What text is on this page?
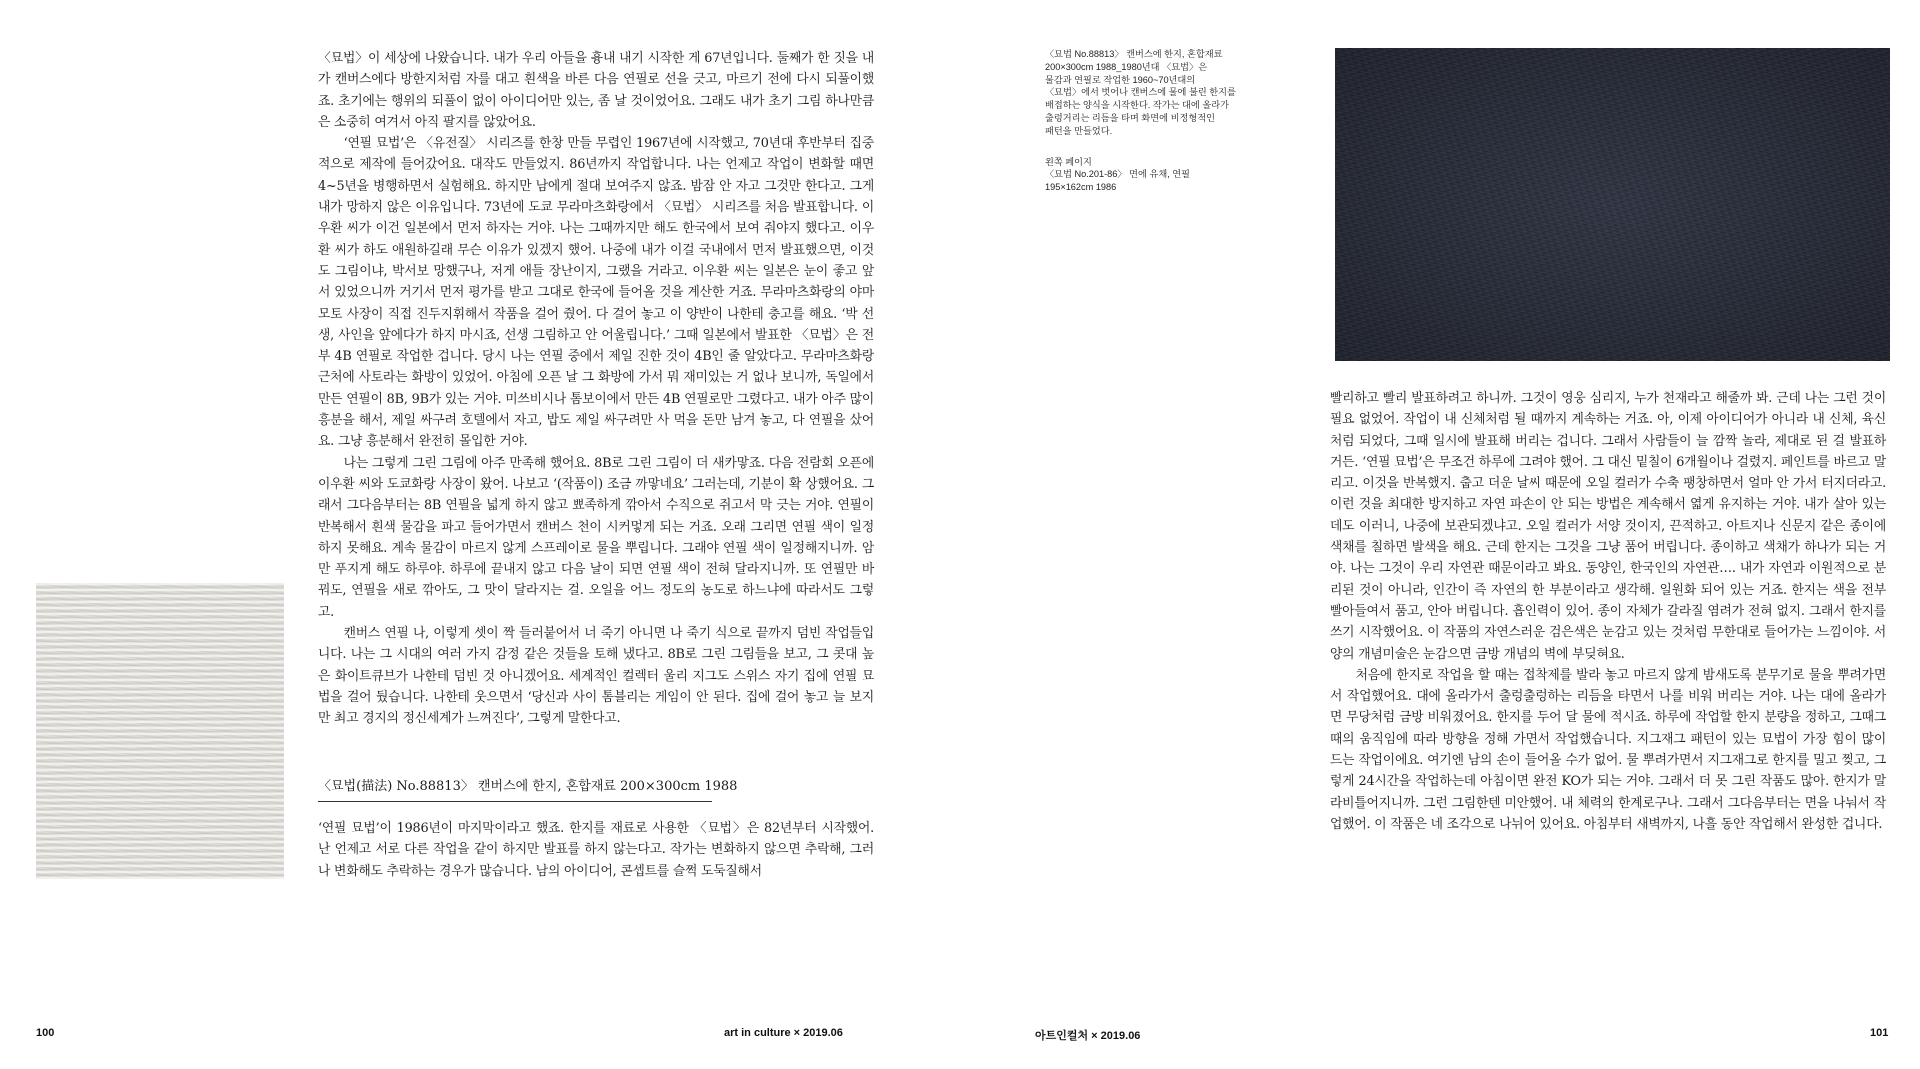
〈묘법〉이 세상에 나왔습니다. 내가 우리 아들을 흉내 내기 시작한 게 67년입니다. 둘째가 한 짓을 내가 캔버스에다 방한지처럼 자를 대고 흰색을 바른 다음 연필로 선을 긋고, 마르기 전에 다시 되풀이했죠. 초기에는 행위의 되풀이 없이 아이디어만 있는, 좀 날 것이었어요. 그래도 내가 초기 그림 하나만큼은 소중히 여겨서 아직 팔지를 않았어요.

‘연필 묘법’은 〈유전질〉 시리즈를 한창 만들 무렵인 1967년에 시작했고, 70년대 후반부터 집중적으로 제작에 들어갔어요. 대작도 만들었지. 86년까지 작업합니다. 나는 언제고 작업이 변화할 때면 4~5년을 병행하면서 실험해요. 하지만 남에게 절대 보여주지 않죠. 밤잠 안 자고 그것만 한다고. 그게 내가 망하지 않은 이유입니다. 73년에 도쿄 무라마츠화랑에서 〈묘법〉 시리즈를 처음 발표합니다. 이우환 씨가 이건 일본에서 먼저 하자는 거야. 나는 그때까지만 해도 한국에서 보여 줘야지 했다고. 이우환 씨가 하도 애원하길래 무슨 이유가 있겠지 했어. 나중에 내가 이걸 국내에서 먼저 발표했으면, 이것도 그림이냐, 박서보 망했구나, 저게 애들 장난이지, 그랬을 거라고. 이우환 씨는 일본은 눈이 좋고 앞서 있었으니까 거기서 먼저 평가를 받고 그대로 한국에 들어올 것을 계산한 거죠. 무라마츠화랑의 야마모토 사장이 직접 진두지휘해서 작품을 걸어 줬어. 다 걸어 놓고 이 양반이 나한테 충고를 해요. ‘박 선생, 사인을 앞에다가 하지 마시죠, 선생 그림하고 안 어울립니다.’ 그때 일본에서 발표한 〈묘법〉은 전부 4B 연필로 작업한 겁니다. 당시 나는 연필 중에서 제일 진한 것이 4B인 줄 알았다고. 무라마츠화랑 근처에 사토라는 화방이 있었어. 아침에 오픈 날 그 화방에 가서 뭐 재미있는 거 없나 보니까, 독일에서 만든 연필이 8B, 9B가 있는 거야. 미쓰비시나 톰보이에서 만든 4B 연필로만 그렸다고. 내가 아주 많이 흥분을 해서, 제일 싸구려 호텔에서 자고, 밥도 제일 싸구려만 사 먹을 돈만 남겨 놓고, 다 연필을 샀어요. 그냥 흥분해서 완전히 몰입한 거야.

나는 그렇게 그린 그림에 아주 만족해 했어요. 8B로 그린 그림이 더 새카맣죠. 다음 전람회 오픈에 이우환 씨와 도쿄화랑 사장이 왔어. 나보고 ‘(작품이) 조금 까맣네요’ 그러는데, 기분이 확 상했어요. 그래서 그다음부터는 8B 연필을 넓게 하지 않고 뾰족하게 깎아서 수직으로 쥐고서 막 긋는 거야. 연필이 반복해서 흰색 물감을 파고 들어가면서 캔버스 천이 시커멓게 되는 거죠. 오래 그리면 연필 색이 일정하지 못해요. 계속 물감이 마르지 않게 스프레이로 물을 뿌립니다. 그래야 연필 색이 일정해지니까. 암만 푸지게 해도 하루야. 하루에 끝내지 않고 다음 날이 되면 연필 색이 전혀 달라지니까. 또 연필만 바꿔도, 연필을 새로 깎아도, 그 맛이 달라지는 걸. 오일을 어느 정도의 농도로 하느냐에 따라서도 그렇고.

캔버스 연필 나, 이렇게 셋이 짝 들러붙어서 너 죽기 아니면 나 죽기 식으로 끝까지 덤빈 작업들입니다. 나는 그 시대의 여러 가지 감정 같은 것들을 토해 냈다고. 8B로 그린 그림들을 보고, 그 콧대 높은 화이트큐브가 나한테 덤빈 것 아니겠어요. 세계적인 컬렉터 울리 지그도 스위스 자기 집에 연필 묘법을 걸어 뒀습니다. 나한테 웃으면서 ‘당신과 사이 톰블리는 게임이 안 된다. 집에 걸어 놓고 늘 보지만 최고 경지의 정신세계가 느껴진다’, 그렇게 말한다고.

〈묘법(描法) No.88813〉 캔버스에 한지, 혼합재료 200×300cm 1988

‘연필 묘법’이 1986년이 마지막이라고 했죠. 한지를 재료로 사용한 〈묘법〉은 82년부터 시작했어. 난 언제고 서로 다른 작업을 같이 하지만 발표를 하지 않는다고. 작가는 변화하지 않으면 추락해, 그러나 변화해도 추락하는 경우가 많습니다. 남의 아이디어, 콘셉트를 슬쩍 도둑질해서

100	art in culture × 2019.06

〈묘법 No.88813〉 캔버스에 한지, 혼합재료

200×300cm 1988_1980년대 〈묘법〉은

물감과 연필로 작업한 1960~70년대의

〈묘법〉에서 벗어나 캔버스에 물에 불린 한지를

배접하는 양식을 시작한다. 작가는 대에 올라가

출렁거리는 리듬을 타며 화면에 비정형적인

패턴을 만들었다.

왼쪽 페이지

〈묘법 No.201-86〉 면에 유채, 연필

195×162cm 1986

빨리하고 빨리 발표하려고 하니까. 그것이 영웅 심리지, 누가 천재라고 해줄까 봐. 근데 나는 그런 것이 필요 없었어. 작업이 내 신체처럼 될 때까지 계속하는 거죠. 아, 이제 아이디어가 아니라 내 신체, 육신처럼 되었다, 그때 일시에 발표해 버리는 겁니다. 그래서 사람들이 늘 깜짝 놀라, 제대로 된 걸 발표하거든. ‘연필 묘법’은 무조건 하루에 그려야 했어. 그 대신 밑칠이 6개월이나 걸렸지. 페인트를 바르고 말리고. 이것을 반복했지. 춥고 더운 날씨 때문에 오일 컬러가 수축 팽창하면서 얼마 안 가서 터지더라고. 이런 것을 최대한 방지하고 자연 파손이 안 되는 방법은 계속해서 엷게 유지하는 거야. 내가 살아 있는데도 이러니, 나중에 보관되겠냐고. 오일 컬러가 서양 것이지, 끈적하고. 아트지나 신문지 같은 종이에 색채를 칠하면 발색을 해요. 근데 한지는 그것을 그냥 품어 버립니다. 종이하고 색채가 하나가 되는 거야. 나는 그것이 우리 자연관 때문이라고 봐요. 동양인, 한국인의 자연관…. 내가 자연과 이원적으로 분리된 것이 아니라, 인간이 즉 자연의 한 부분이라고 생각해. 일원화 되어 있는 거죠. 한지는 색을 전부 빨아들여서 품고, 안아 버립니다. 흡인력이 있어. 종이 자체가 갈라질 염려가 전혀 없지. 그래서 한지를 쓰기 시작했어요. 이 작품의 자연스러운 검은색은 눈감고 있는 것처럼 무한대로 들어가는 느낌이야. 서양의 개념미술은 눈감으면 금방 개념의 벽에 부딪혀요.

처음에 한지로 작업을 할 때는 접착제를 발라 놓고 마르지 않게 밤새도록 분무기로 물을 뿌려가면서 작업했어요. 대에 올라가서 출렁출렁하는 리듬을 타면서 나를 비워 버리는 거야. 나는 대에 올라가면 무당처럼 금방 비워졌어요. 한지를 두어 달 물에 적시죠. 하루에 작업할 한지 분량을 정하고, 그때그때의 움직임에 따라 방향을 정해 가면서 작업했습니다. 지그재그 패턴이 있는 묘법이 가장 힘이 많이 드는 작업이에요. 여기엔 남의 손이 들어올 수가 없어. 물 뿌려가면서 지그재그로 한지를 밀고 찢고, 그렇게 24시간을 작업하는데 아침이면 완전 KO가 되는 거야. 그래서 더 못 그린 작품도 많아. 한지가 말라비틀어지니까. 그런 그림한텐 미안했어. 내 체력의 한계로구나. 그래서 그다음부터는 면을 나눠서 작업했어. 이 작품은 네 조각으로 나뉘어 있어요. 아침부터 새벽까지, 나흘 동안 작업해서 완성한 겁니다.

아트인컬처 × 2019.06	101
